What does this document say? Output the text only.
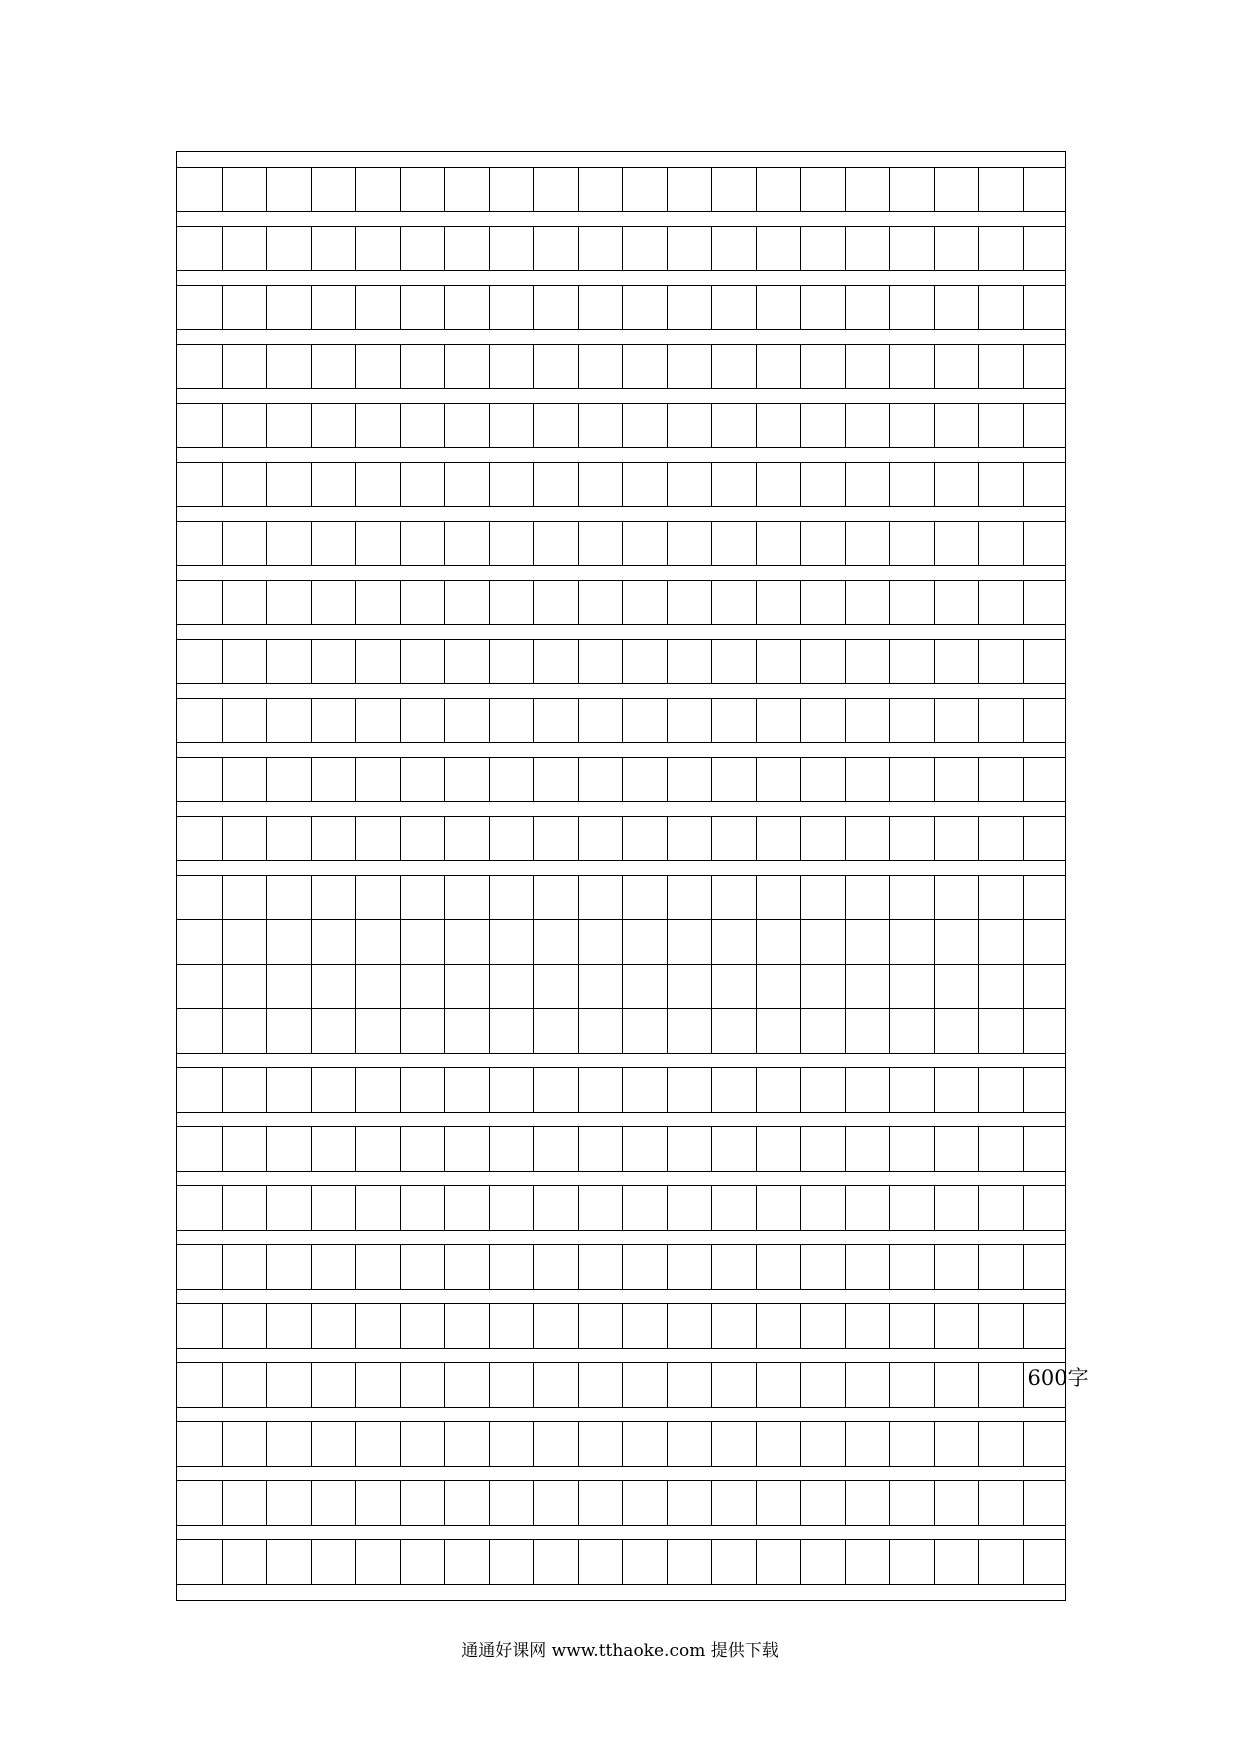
600字
通通好课网 www.tthaoke.com 提供下载
